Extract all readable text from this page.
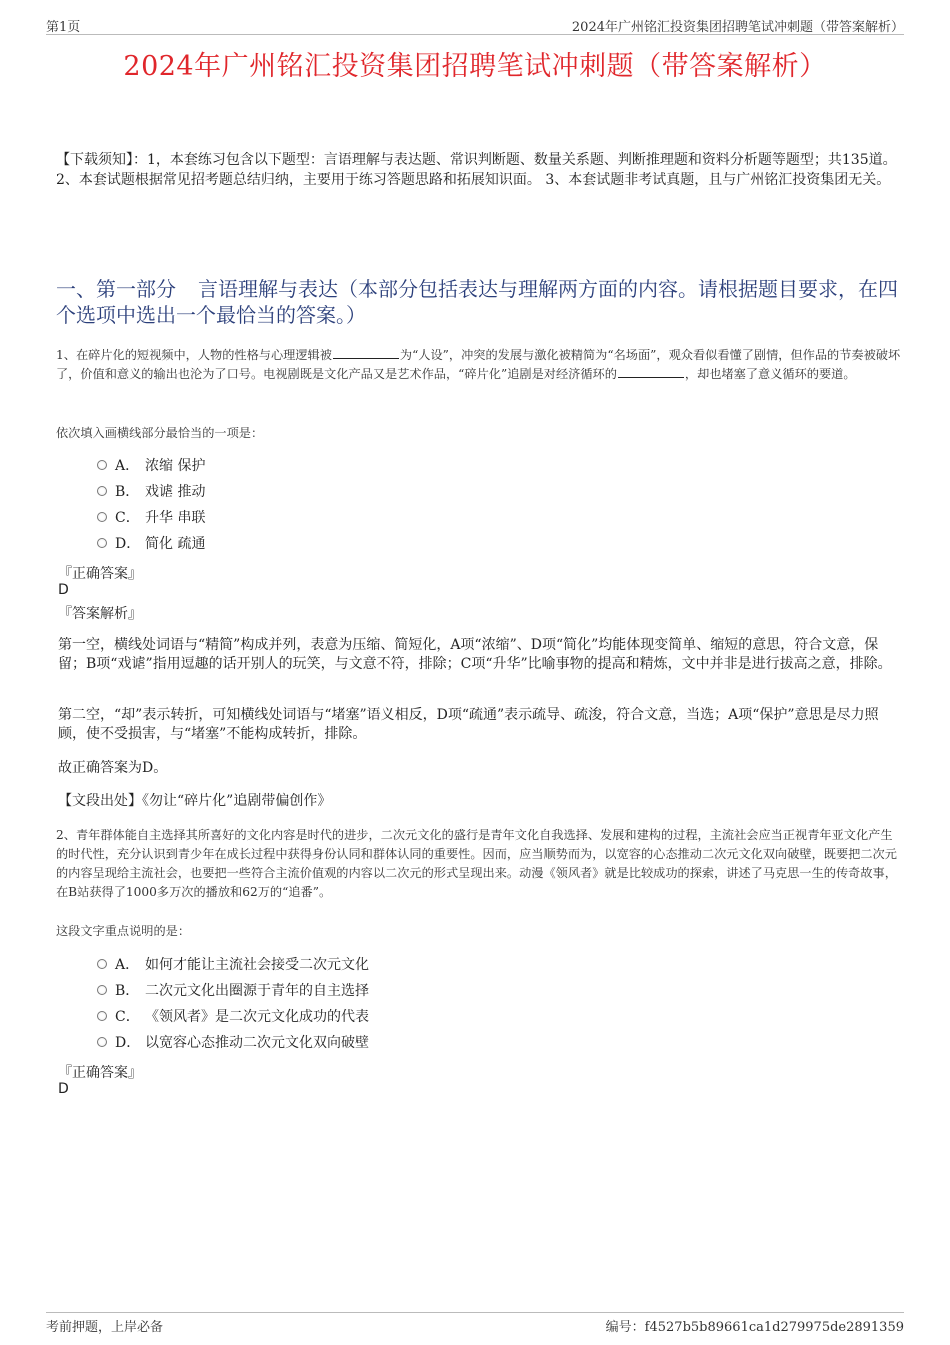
第1页	2024年广州铭汇投资集团招聘笔试冲刺题（带答案解析）
2024年广州铭汇投资集团招聘笔试冲刺题（带答案解析）
【下载须知】：1，本套练习包含以下题型：言语理解与表达题、常识判断题、数量关系题、判断推理题和资料分析题等题型；共135道。 2、本套试题根据常见招考题总结归纳，主要用于练习答题思路和拓展知识面。 3、本套试题非考试真题，且与广州铭汇投资集团无关。
一、第一部分 言语理解与表达（本部分包括表达与理解两方面的内容。请根据题目要求，在四个选项中选出一个最恰当的答案。）
1、在碎片化的短视频中，人物的性格与心理逻辑被	为“人设”，冲突的发展与激化被精简为“名场面”，观众看似看懂了剧情，但作品的节奏被破坏了，价值和意义的输出也沦为了口号。电视剧既是文化产品又是艺术作品，“碎片化”追剧是对经济循环的	，却也堵塞了意义循环的要道。
依次填入画横线部分最恰当的一项是：
A． 浓缩 保护
B． 戏谑 推动
C． 升华 串联
D． 简化 疏通
『正确答案』
D
『答案解析』
第一空，横线处词语与“精简”构成并列，表意为压缩、简短化，A项“浓缩”、D项“简化”均能体现变简单、缩短的意思，符合文意，保留；B项“戏谑”指用逗趣的话开别人的玩笑，与文意不符，排除；C项“升华”比喻事物的提高和精炼，文中并非是进行拔高之意，排除。
第二空，“却”表示转折，可知横线处词语与“堵塞”语义相反，D项“疏通”表示疏导、疏浚，符合文意，当选；A项“保护”意思是尽力照顾，使不受损害，与“堵塞”不能构成转折，排除。
故正确答案为D。
【文段出处】《勿让“碎片化”追剧带偏创作》
2、青年群体能自主选择其所喜好的文化内容是时代的进步，二次元文化的盛行是青年文化自我选择、发展和建构的过程，主流社会应当正视青年亚文化产生的时代性，充分认识到青少年在成长过程中获得身份认同和群体认同的重要性。因而，应当顺势而为，以宽容的心态推动二次元文化双向破壁，既要把二次元的内容呈现给主流社会，也要把一些符合主流价值观的内容以二次元的形式呈现出来。动漫《领风者》就是比较成功的探索，讲述了马克思一生的传奇故事，在B站获得了1000多万次的播放和62万的“追番”。
这段文字重点说明的是：
A． 如何才能让主流社会接受二次元文化
B． 二次元文化出圈源于青年的自主选择
C． 《领风者》是二次元文化成功的代表
D． 以宽容心态推动二次元文化双向破壁
『正确答案』
D
考前押题，上岸必备	编号：f4527b5b89661ca1d279975de2891359
